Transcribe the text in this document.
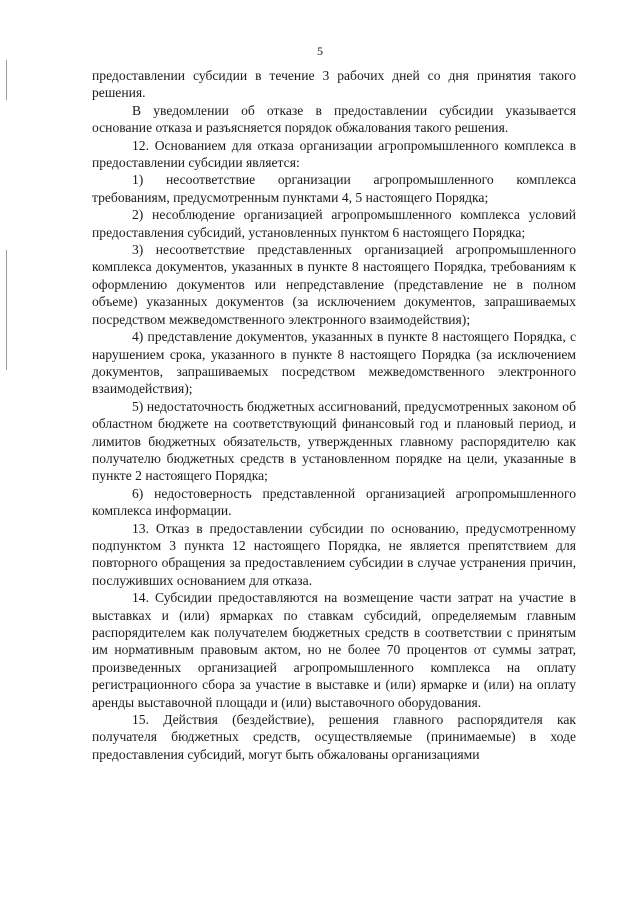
5

предоставлении субсидии в течение 3 рабочих дней со дня принятия такого решения.

В уведомлении об отказе в предоставлении субсидии указывается основание отказа и разъясняется порядок обжалования такого решения.

12. Основанием для отказа организации агропромышленного комплекса в предоставлении субсидии является:

1) несоответствие организации агропромышленного комплекса требованиям, предусмотренным пунктами 4, 5 настоящего Порядка;

2) несоблюдение организацией агропромышленного комплекса условий предоставления субсидий, установленных пунктом 6 настоящего Порядка;

3) несоответствие представленных организацией агропромышленного комплекса документов, указанных в пункте 8 настоящего Порядка, требованиям к оформлению документов или непредставление (представление не в полном объеме) указанных документов (за исключением документов, запрашиваемых посредством межведомственного электронного взаимодействия);

4) представление документов, указанных в пункте 8 настоящего Порядка, с нарушением срока, указанного в пункте 8 настоящего Порядка (за исключением документов, запрашиваемых посредством межведомственного электронного взаимодействия);

5) недостаточность бюджетных ассигнований, предусмотренных законом об областном бюджете на соответствующий финансовый год и плановый период, и лимитов бюджетных обязательств, утвержденных главному распорядителю как получателю бюджетных средств в установленном порядке на цели, указанные в пункте 2 настоящего Порядка;

6) недостоверность представленной организацией агропромышленного комплекса информации.

13. Отказ в предоставлении субсидии по основанию, предусмотренному подпунктом 3 пункта 12 настоящего Порядка, не является препятствием для повторного обращения за предоставлением субсидии в случае устранения причин, послуживших основанием для отказа.

14. Субсидии предоставляются на возмещение части затрат на участие в выставках и (или) ярмарках по ставкам субсидий, определяемым главным распорядителем как получателем бюджетных средств в соответствии с принятым им нормативным правовым актом, но не более 70 процентов от суммы затрат, произведенных организацией агропромышленного комплекса на оплату регистрационного сбора за участие в выставке и (или) ярмарке и (или) на оплату аренды выставочной площади и (или) выставочного оборудования.

15. Действия (бездействие), решения главного распорядителя как получателя бюджетных средств, осуществляемые (принимаемые) в ходе предоставления субсидий, могут быть обжалованы организациями
